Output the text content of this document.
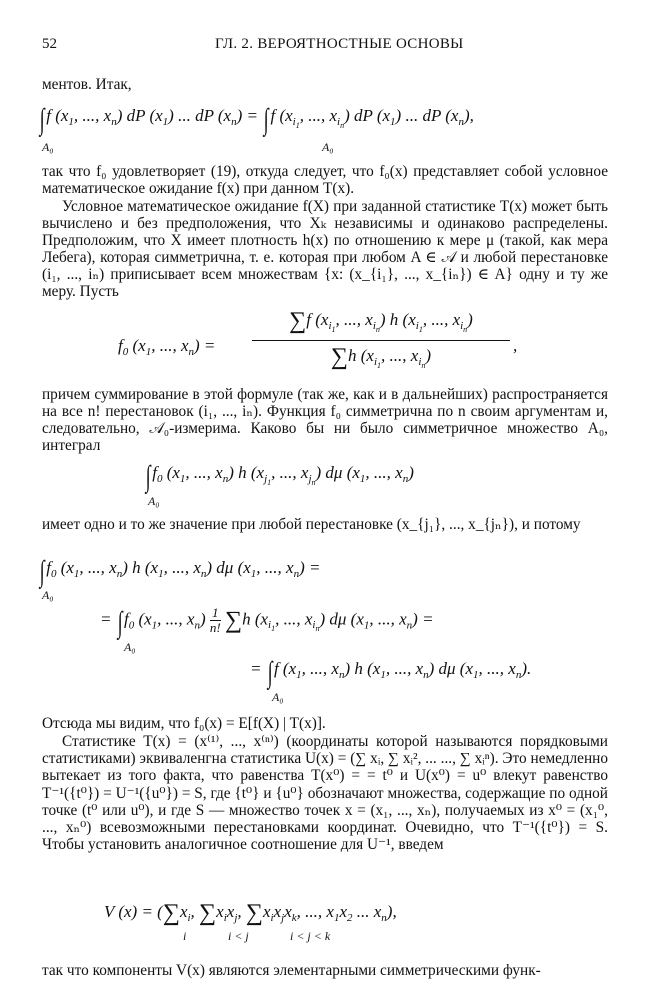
52	ГЛ. 2. ВЕРОЯТНОСТНЫЕ ОСНОВЫ
ментов. Итак,
∫f ($x_1$, ..., $x_n$) dP $(x_1)$ ... dP $(x_n) = \int f$ ($x_{i_1}$, ..., $x_{i_n}$) dP $(x_1)$ ... dP $(x_n)$,
A₀	A₀
так что f₀ удовлетворяет (19), откуда следует, что f₀(x) представляет собой условное математическое ожидание f(x) при данном T(x).
Условное математическое ожидание f(X) при заданной статистике T(x) может быть вычислено и без предположения, что Xₖ независимы и одинаково распределены. Предположим, что X имеет плотность h(x) по отношению к мере μ (такой, как мера Лебега), которая симметрична, т. е. которая при любом A ∈ 𝒜 и любой перестановке (i₁, ..., iₙ) приписывает всем множествам {x: (x_{i₁}, ..., x_{iₙ}) ∈ A} одну и ту же меру. Пусть
$f_0$ ($x_1$, ..., $x_n$) =
∑f ($x_{i_1}$, ..., $x_{i_n}$) h ($x_{i_1}$, ..., $x_{i_n}$)
∑h ($x_{i_1}$, ..., $x_{i_n}$)
,
причем суммирование в этой формуле (так же, как и в дальнейших) распространяется на все n! перестановок (i₁, ..., iₙ). Функция f₀ симметрична по n своим аргументам и, следовательно, 𝒜₀-измерима. Каково бы ни было симметричное множество A₀, интеграл
$\int f_0$ ($x_1$, ..., $x_n$) h ($x_{j_1}$, ..., $x_{j_n}$) dμ ($x_1$, ..., $x_n$)
A₀
имеет одно и то же значение при любой перестановке (x_{j₁}, ..., x_{jₙ}), и потому
$\int f_0$ ($x_1$, ..., $x_n$) h ($x_1$, ..., $x_n$) dμ ($x_1$, ..., $x_n$) =
A₀
= $\int f_0$ ($x_1$, ..., $x_n) \frac{1}{n!} \sum h$ ($x_{i_1}$, ..., $x_{i_n}$) dμ ($x_1$, ..., $x_n$) =
A₀
= ∫f ($x_1$, ..., $x_n$) h ($x_1$, ..., $x_n$) dμ ($x_1$, ..., $x_n$).
A₀
Отсюда мы видим, что f₀(x) = E[f(X) | T(x)].
Статистике T(x) = (x⁽¹⁾, ..., x⁽ⁿ⁾) (координаты которой называются порядковыми статистиками) эквиваленгна статистика U(x) = (∑ xᵢ, ∑ xᵢ², ... ..., ∑ xᵢⁿ). Это немедленно вытекает из того факта, что равенства T(x⁰) = = t⁰ и U(x⁰) = u⁰ влекут равенство T⁻¹({t⁰}) = U⁻¹({u⁰}) = S, где {t⁰} и {u⁰} обозначают множества, содержащие по одной точке (t⁰ или u⁰), и где S — множество точек x = (x₁, ..., xₙ), получаемых из x⁰ = (x₁⁰, ..., xₙ⁰) всевозможными перестановками координат. Очевидно, что T⁻¹({t⁰}) = S. Чтобы установить аналогичное соотношение для U⁻¹, введем
V $(x) = (\sum x_i$, $\sum x_ix_j$, $\sum x_ix_jx_k$, ..., $x_1x_2$ ... $x_n$),
i	i < j	i < j < k
так что компоненты V(x) являются элементарными симметрическими функ-
